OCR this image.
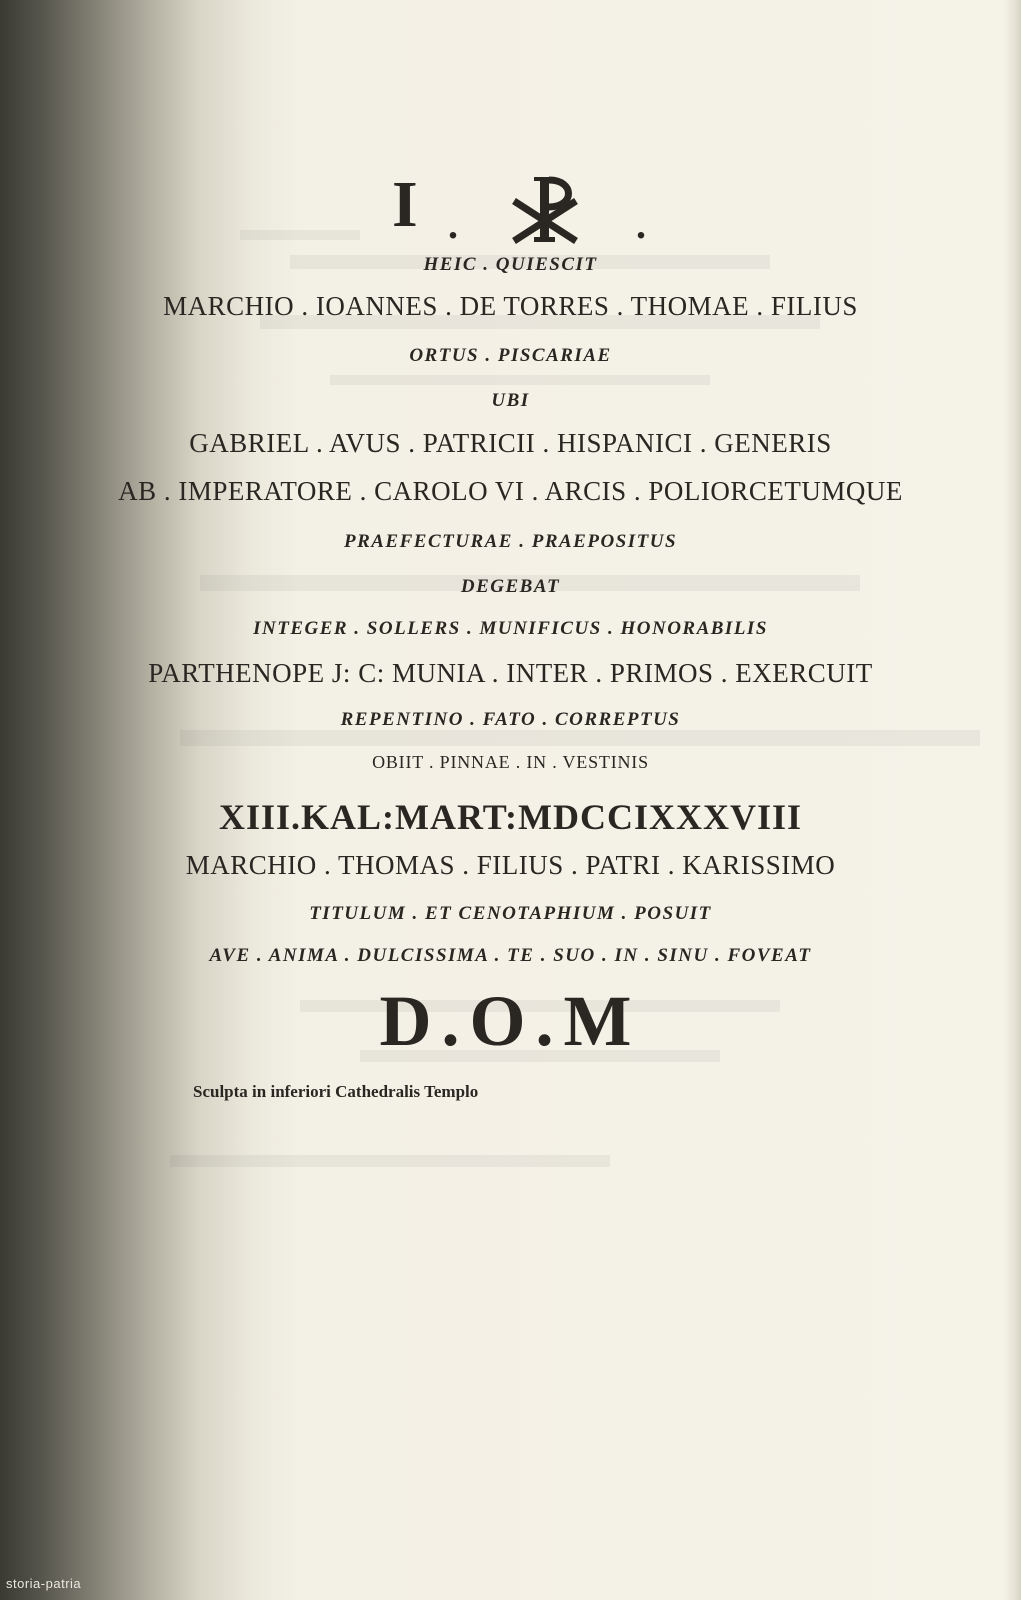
I .	.
HEIC . QUIESCIT
MARCHIO . IOANNES . DE TORRES . THOMAE . FILIUS
ORTUS . PISCARIAE
UBI
GABRIEL . AVUS . PATRICII . HISPANICI . GENERIS
AB . IMPERATORE . CAROLO VI . ARCIS . POLIORCETUMQUE
PRAEFECTURAE . PRAEPOSITUS
DEGEBAT
INTEGER . SOLLERS . MUNIFICUS . HONORABILIS
PARTHENOPE J: C: MUNIA . INTER . PRIMOS . EXERCUIT
REPENTINO . FATO . CORREPTUS
OBIIT . PINNAE . IN . VESTINIS
XIII.KAL:MART:MDCCIXXXVIII
MARCHIO . THOMAS . FILIUS . PATRI . KARISSIMO
TITULUM . ET CENOTAPHIUM . POSUIT
AVE . ANIMA . DULCISSIMA . TE . SUO . IN . SINU . FOVEAT
D.O.M
Sculpta in inferiori Cathedralis Templo
storia-patria
